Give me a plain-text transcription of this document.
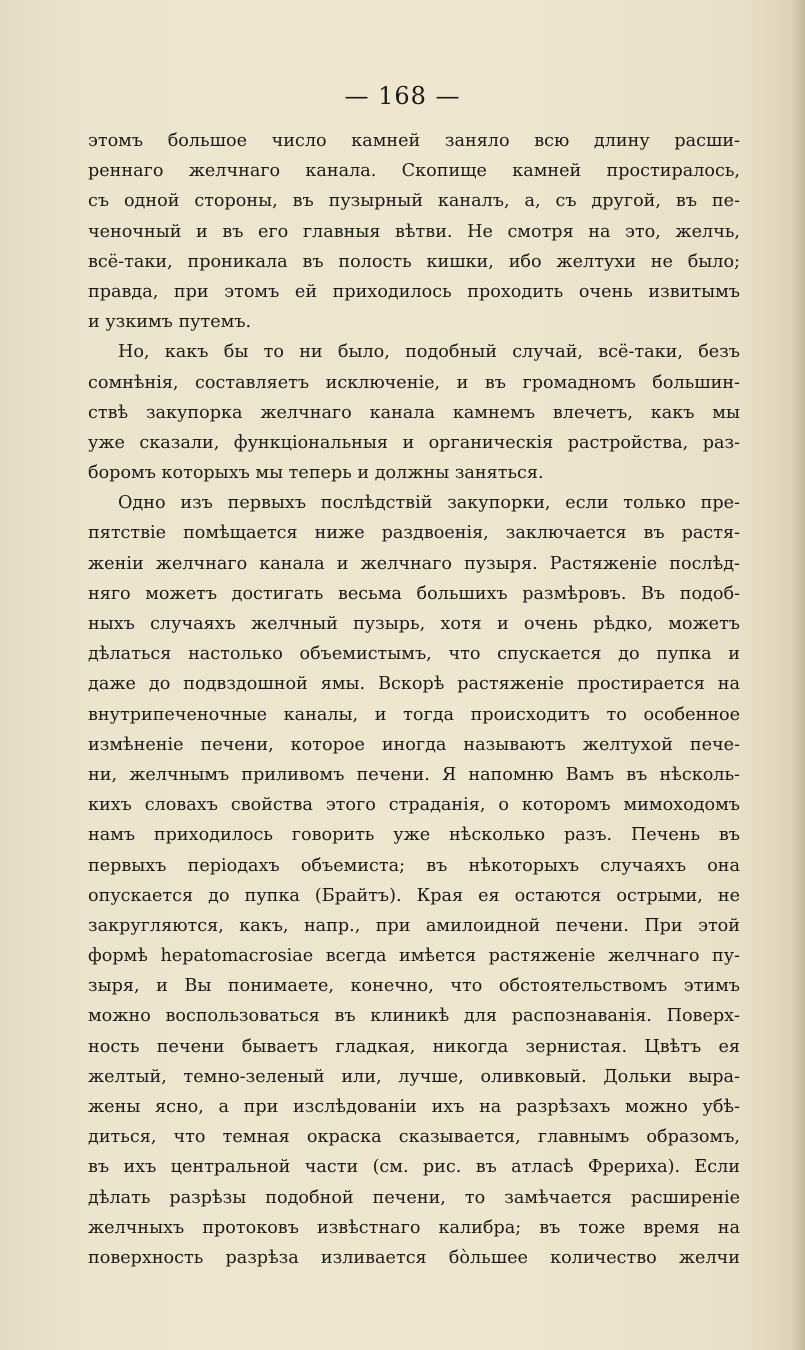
— 168 —
этомъ большое число камней заняло всю длину расши-
реннаго желчнаго канала. Скопище камней простиралось,
съ одной стороны, въ пузырный каналъ, а, съ другой, въ пе-
ченочный и въ его главныя вѣтви. Не смотря на это, желчь,
всё-таки, проникала въ полость кишки, ибо желтухи не было;
правда, при этомъ ей приходилось проходить очень извитымъ
и узкимъ путемъ.
Но, какъ бы то ни было, подобный случай, всё-таки, безъ
сомнѣнія, составляетъ исключеніе, и въ громадномъ большин-
ствѣ закупорка желчнаго канала камнемъ влечетъ, какъ мы
уже сказали, функціональныя и органическія растройства, раз-
боромъ которыхъ мы теперь и должны заняться.
Одно изъ первыхъ послѣдствій закупорки, если только пре-
пятствіе помѣщается ниже раздвоенія, заключается въ растя-
женіи желчнаго канала и желчнаго пузыря. Растяженіе послѣд-
няго можетъ достигать весьма большихъ размѣровъ. Въ подоб-
ныхъ случаяхъ желчный пузырь, хотя и очень рѣдко, можетъ
дѣлаться настолько объемистымъ, что спускается до пупка и
даже до подвздошной ямы. Вскорѣ растяженіе простирается на
внутрипеченочные каналы, и тогда происходитъ то особенное
измѣненіе печени, которое иногда называютъ желтухой пече-
ни, желчнымъ приливомъ печени. Я напомню Вамъ въ нѣсколь-
кихъ словахъ свойства этого страданія, о которомъ мимоходомъ
намъ приходилось говорить уже нѣсколько разъ. Печень въ
первыхъ періодахъ объемиста; въ нѣкоторыхъ случаяхъ она
опускается до пупка (Брайтъ). Края ея остаются острыми, не
закругляются, какъ, напр., при амилоидной печени. При этой
формѣ hepatomacrosiae всегда имѣется растяженіе желчнаго пу-
зыря, и Вы понимаете, конечно, что обстоятельствомъ этимъ
можно воспользоваться въ клиникѣ для распознаванія. Поверх-
ность печени бываетъ гладкая, никогда зернистая. Цвѣтъ ея
желтый, темно-зеленый или, лучше, оливковый. Дольки выра-
жены ясно, а при изслѣдованіи ихъ на разрѣзахъ можно убѣ-
диться, что темная окраска сказывается, главнымъ образомъ,
въ ихъ центральной части (см. рис. въ атласѣ Фрериха). Если
дѣлать разрѣзы подобной печени, то замѣчается расширеніе
желчныхъ протоковъ извѣстнаго калибра; въ тоже время на
поверхность разрѣза изливается бо̀льшее количество желчи
